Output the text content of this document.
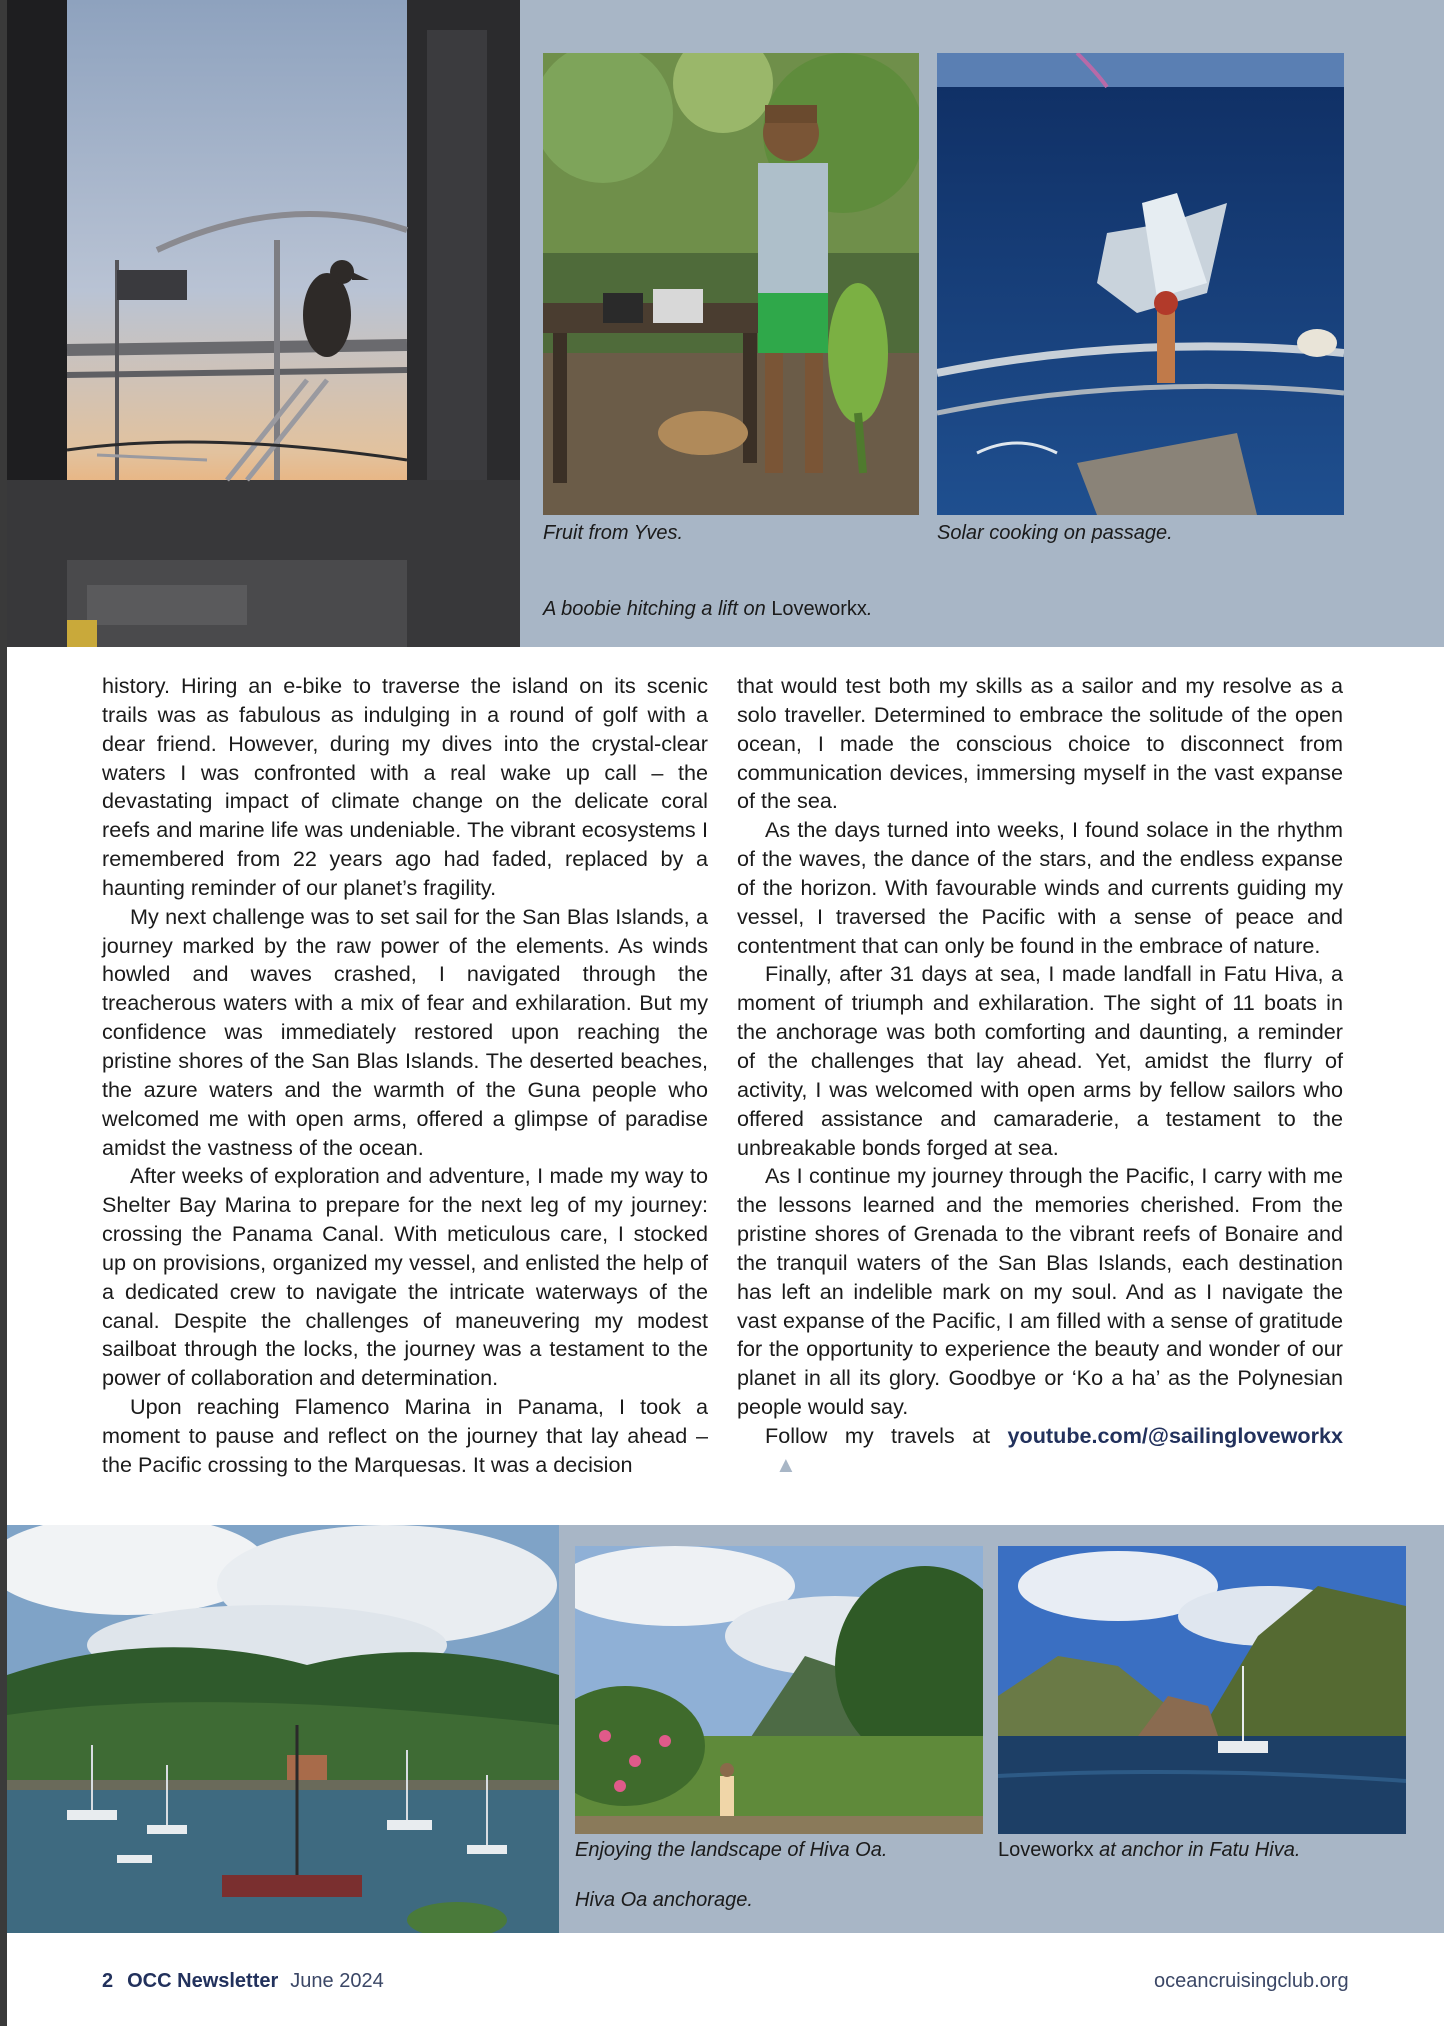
Fruit from Yves.	Solar cooking on passage.
A boobie hitching a lift on Loveworkx.

history. Hiring an e-bike to traverse the island on its scenic trails was as fabulous as indulging in a round of golf with a dear friend. However, during my dives into the crystal-clear waters I was confronted with a real wake up call – the devastating impact of climate change on the delicate coral reefs and marine life was undeniable. The vibrant ecosystems I remembered from 22 years ago had faded, replaced by a haunting reminder of our planet’s fragility.

My next challenge was to set sail for the San Blas Islands, a journey marked by the raw power of the elements. As winds howled and waves crashed, I navigated through the treacherous waters with a mix of fear and exhilaration. But my confidence was immediately restored upon reaching the pristine shores of the San Blas Islands. The deserted beaches, the azure waters and the warmth of the Guna people who welcomed me with open arms, offered a glimpse of paradise amidst the vastness of the ocean.

After weeks of exploration and adventure, I made my way to Shelter Bay Marina to prepare for the next leg of my journey: crossing the Panama Canal. With meticulous care, I stocked up on provisions, organized my vessel, and enlisted the help of a dedicated crew to navigate the intricate waterways of the canal. Despite the challenges of maneuvering my modest sailboat through the locks, the journey was a testament to the power of collaboration and determination.

Upon reaching Flamenco Marina in Panama, I took a moment to pause and reflect on the journey that lay ahead – the Pacific crossing to the Marquesas. It was a decision

that would test both my skills as a sailor and my resolve as a solo traveller. Determined to embrace the solitude of the open ocean, I made the conscious choice to disconnect from communication devices, immersing myself in the vast expanse of the sea.

As the days turned into weeks, I found solace in the rhythm of the waves, the dance of the stars, and the endless expanse of the horizon. With favourable winds and currents guiding my vessel, I traversed the Pacific with a sense of peace and contentment that can only be found in the embrace of nature.

Finally, after 31 days at sea, I made landfall in Fatu Hiva, a moment of triumph and exhilaration. The sight of 11 boats in the anchorage was both comforting and daunting, a reminder of the challenges that lay ahead. Yet, amidst the flurry of activity, I was welcomed with open arms by fellow sailors who offered assistance and camaraderie, a testament to the unbreakable bonds forged at sea.

As I continue my journey through the Pacific, I carry with me the lessons learned and the memories cherished. From the pristine shores of Grenada to the vibrant reefs of Bonaire and the tranquil waters of the San Blas Islands, each destination has left an indelible mark on my soul. And as I navigate the vast expanse of the Pacific, I am filled with a sense of gratitude for the opportunity to experience the beauty and wonder of our planet in all its glory. Goodbye or ‘Ko a ha’ as the Polynesian people would say.

Follow my travels at youtube.com/@sailingloveworkx▲

Enjoying the landscape of Hiva Oa.	Loveworkx at anchor in Fatu Hiva.
Hiva Oa anchorage.
2 OCC Newsletter June 2024	oceancruisingclub.org
